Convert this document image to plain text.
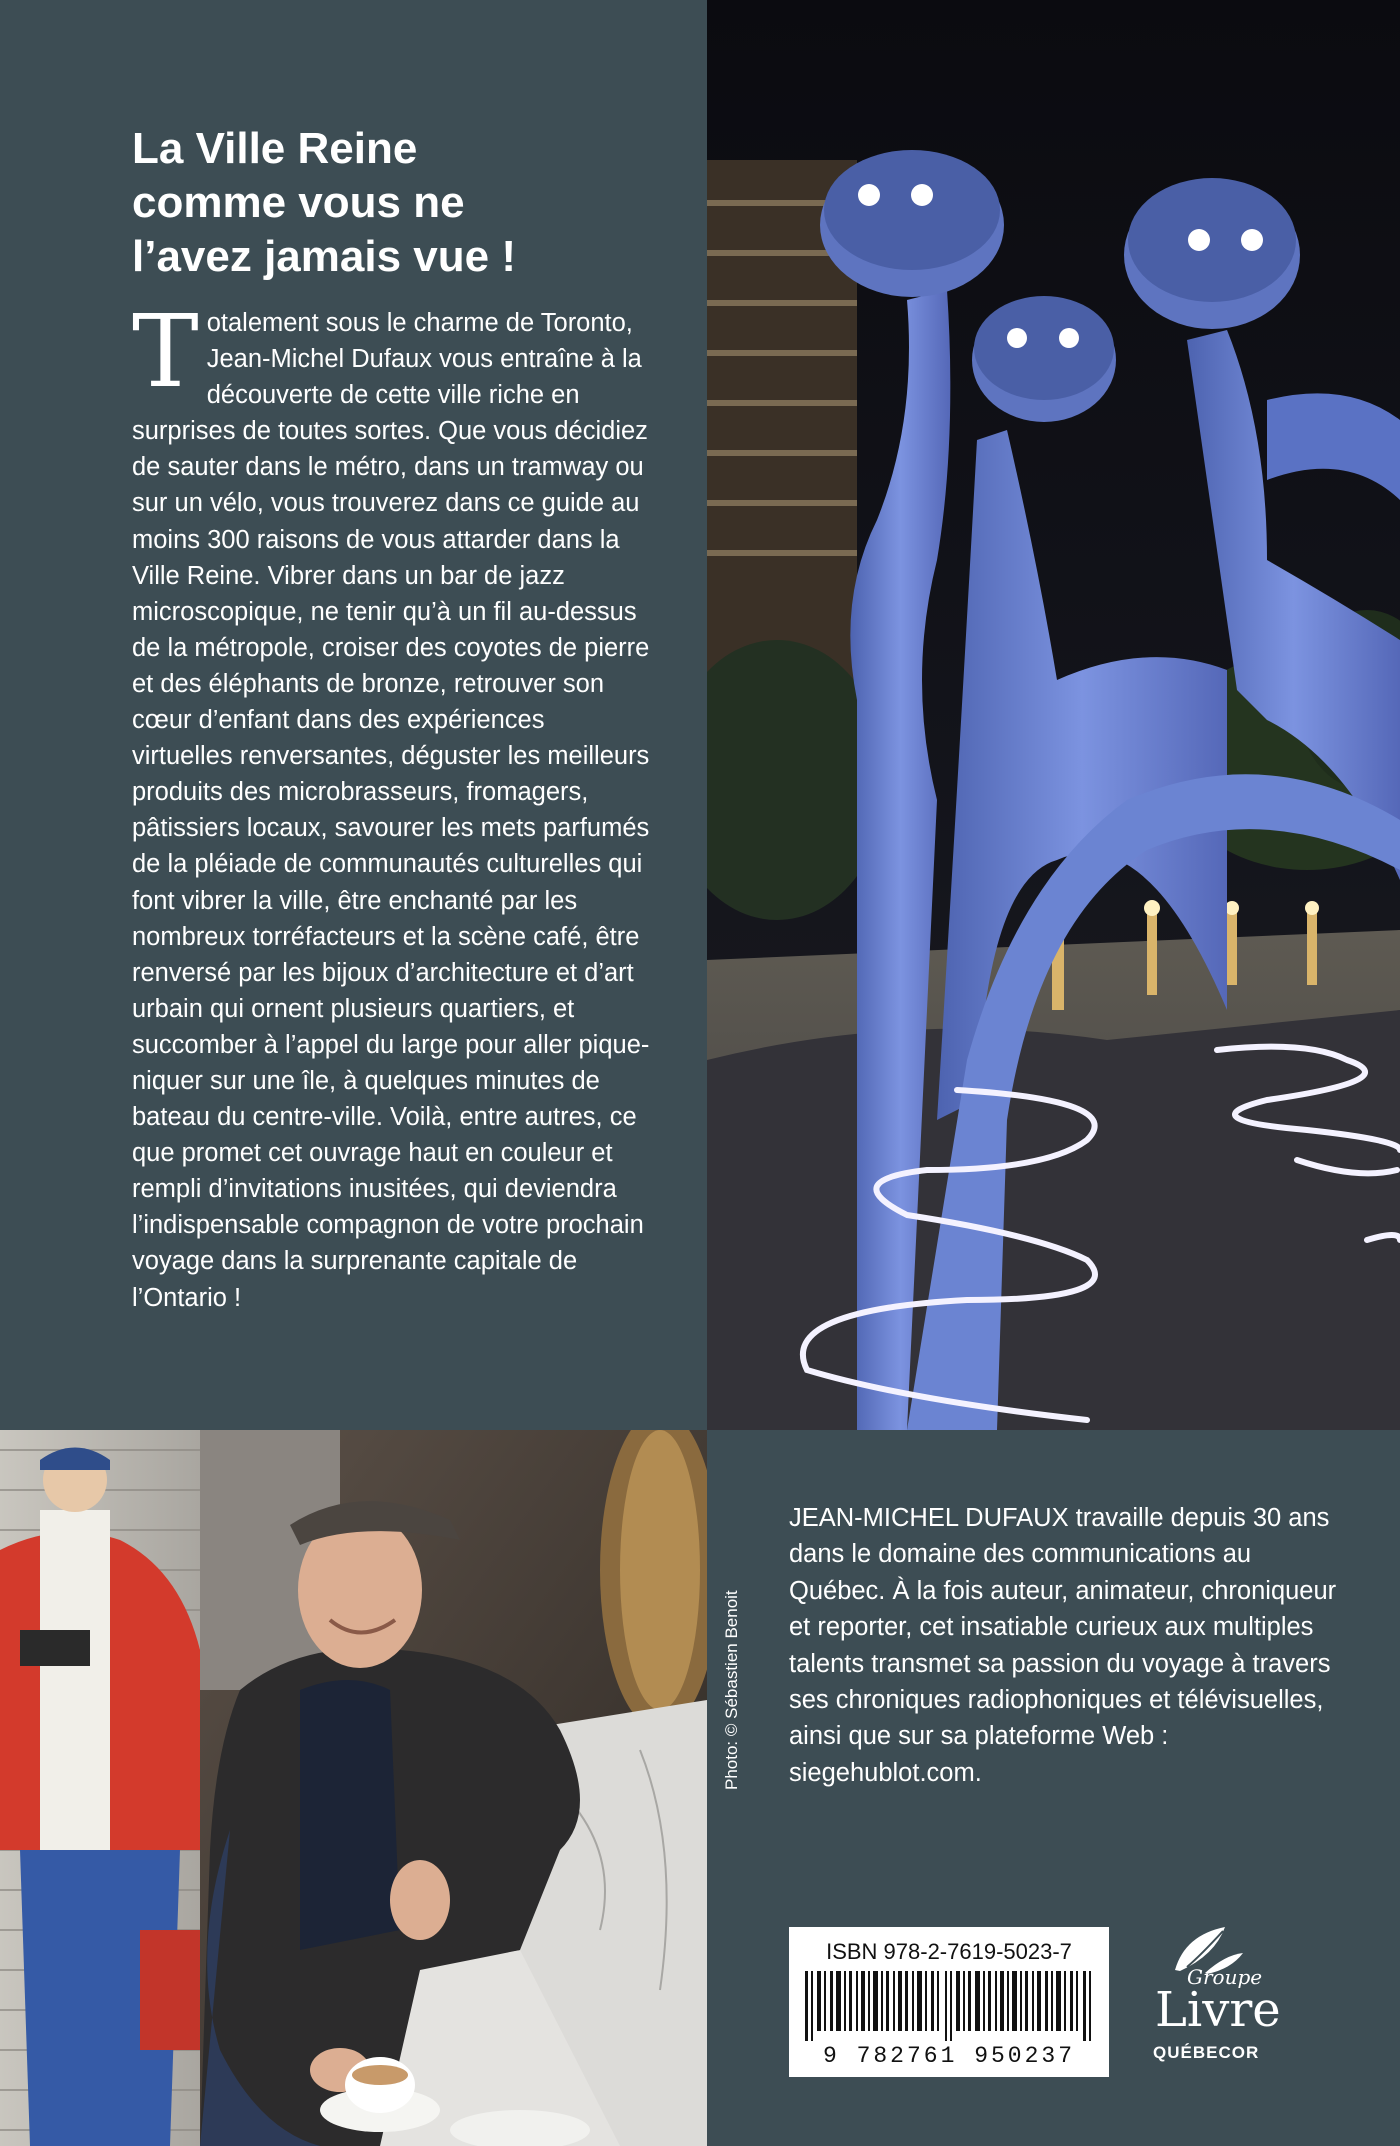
La Ville Reine
comme vous ne
l’avez jamais vue !

Totalement sous le charme de Toronto, Jean-Michel Dufaux vous entraîne à la découverte de cette ville riche en surprises de toutes sortes. Que vous décidiez de sauter dans le métro, dans un tramway ou sur un vélo, vous trouverez dans ce guide au moins 300 raisons de vous attarder dans la Ville Reine. Vibrer dans un bar de jazz microscopique, ne tenir qu’à un fil au-dessus de la métropole, croiser des coyotes de pierre et des éléphants de bronze, retrouver son cœur d’enfant dans des expériences virtuelles renversantes, déguster les meilleurs produits des microbrasseurs, fromagers, pâtissiers locaux, savourer les mets parfumés de la pléiade de communautés culturelles qui font vibrer la ville, être enchanté par les nombreux torréfacteurs et la scène café, être renversé par les bijoux d’architecture et d’art urbain qui ornent plusieurs quartiers, et succomber à l’appel du large pour aller pique-niquer sur une île, à quelques minutes de bateau du centre-ville. Voilà, entre autres, ce que promet cet ouvrage haut en couleur et rempli d’invitations inusitées, qui deviendra l’indispensable compagnon de votre prochain voyage dans la surprenante capitale de l’Ontario !

Photo: © Sébastien Benoit

JEAN-MICHEL DUFAUX travaille depuis 30 ans dans le domaine des communications au Québec. À la fois auteur, animateur, chroniqueur et reporter, cet insatiable curieux aux multiples talents transmet sa passion du voyage à travers ses chroniques radiophoniques et télévisuelles, ainsi que sur sa plateforme Web : siegehublot.com.

ISBN 978-2-7619-5023-7
9 782761 950237
Groupe
Livre
QUÉBECOR
